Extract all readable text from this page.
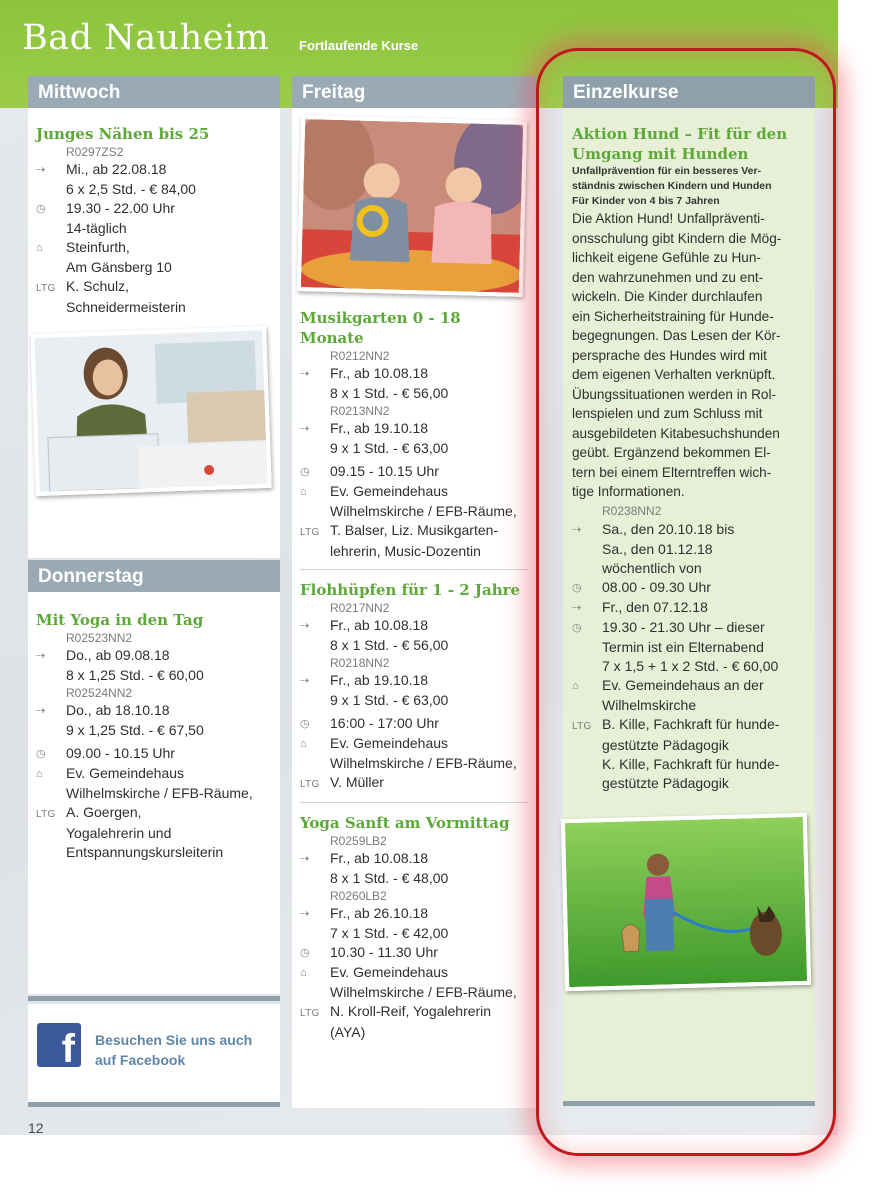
Bad Nauheim Fortlaufende Kurse
Mittwoch
Junges Nähen bis 25
R0297ZS2
⇢	Mi., ab 22.08.18
6 x 2,5 Std. - € 84,00
◷	19.30 - 22.00 Uhr
14-täglich
⌂	Steinfurth,
Am Gänsberg 10
LTG K. Schulz,
Schneidermeisterin
Donnerstag
Mit Yoga in den Tag
R02523NN2
⇢	Do., ab 09.08.18
8 x 1,25 Std. - € 60,00
R02524NN2
⇢	Do., ab 18.10.18
9 x 1,25 Std. - € 67,50
◷	09.00 - 10.15 Uhr
⌂	Ev. Gemeindehaus
Wilhelmskirche / EFB-Räume,
LTG A. Goergen,
Yogalehrerin und
Entspannungskursleiterin
f Besuchen Sie uns auch
auf Facebook
Freitag
Musikgarten 0 - 18 Monate
R0212NN2
⇢	Fr., ab 10.08.18
8 x 1 Std. - € 56,00
R0213NN2
⇢	Fr., ab 19.10.18
9 x 1 Std. - € 63,00
◷	09.15 - 10.15 Uhr
⌂	Ev. Gemeindehaus
Wilhelmskirche / EFB-Räume,
LTG T. Balser, Liz. Musikgarten-
lehrerin, Music-Dozentin
Flohhüpfen für 1 - 2 Jahre
R0217NN2
⇢	Fr., ab 10.08.18
8 x 1 Std. - € 56,00
R0218NN2
⇢	Fr., ab 19.10.18
9 x 1 Std. - € 63,00
◷	16:00 - 17:00 Uhr
⌂	Ev. Gemeindehaus
Wilhelmskirche / EFB-Räume,
LTG V. Müller
Yoga Sanft am Vormittag
R0259LB2
⇢	Fr., ab 10.08.18
8 x 1 Std. - € 48,00
R0260LB2
⇢	Fr., ab 26.10.18
7 x 1 Std. - € 42,00
◷	10.30 - 11.30 Uhr
⌂	Ev. Gemeindehaus
Wilhelmskirche / EFB-Räume,
LTG N. Kroll-Reif, Yogalehrerin
(AYA)
Einzelkurse
Aktion Hund – Fit für den
Umgang mit Hunden
Unfallprävention für ein besseres Ver-
ständnis zwischen Kindern und Hunden
Für Kinder von 4 bis 7 Jahren
Die Aktion Hund! Unfallpräventi-
onsschulung gibt Kindern die Mög-
lichkeit eigene Gefühle zu Hun-
den wahrzunehmen und zu ent-
wickeln. Die Kinder durchlaufen
ein Sicherheitstraining für Hunde-
begegnungen. Das Lesen der Kör-
persprache des Hundes wird mit
dem eigenen Verhalten verknüpft.
Übungssituationen werden in Rol-
lenspielen und zum Schluss mit
ausgebildeten Kitabesuchshunden
geübt. Ergänzend bekommen El-
tern bei einem Elterntreffen wich-
tige Informationen.
R0238NN2
⇢	Sa., den 20.10.18 bis
Sa., den 01.12.18
wöchentlich von
◷	08.00 - 09.30 Uhr
⇢	Fr., den 07.12.18
◷	19.30 - 21.30 Uhr – dieser
Termin ist ein Elternabend
7 x 1,5 + 1 x 2 Std. - € 60,00
⌂	Ev. Gemeindehaus an der
Wilhelmskirche
LTG B. Kille, Fachkraft für hunde-
gestützte Pädagogik
K. Kille, Fachkraft für hunde-
gestützte Pädagogik
12
